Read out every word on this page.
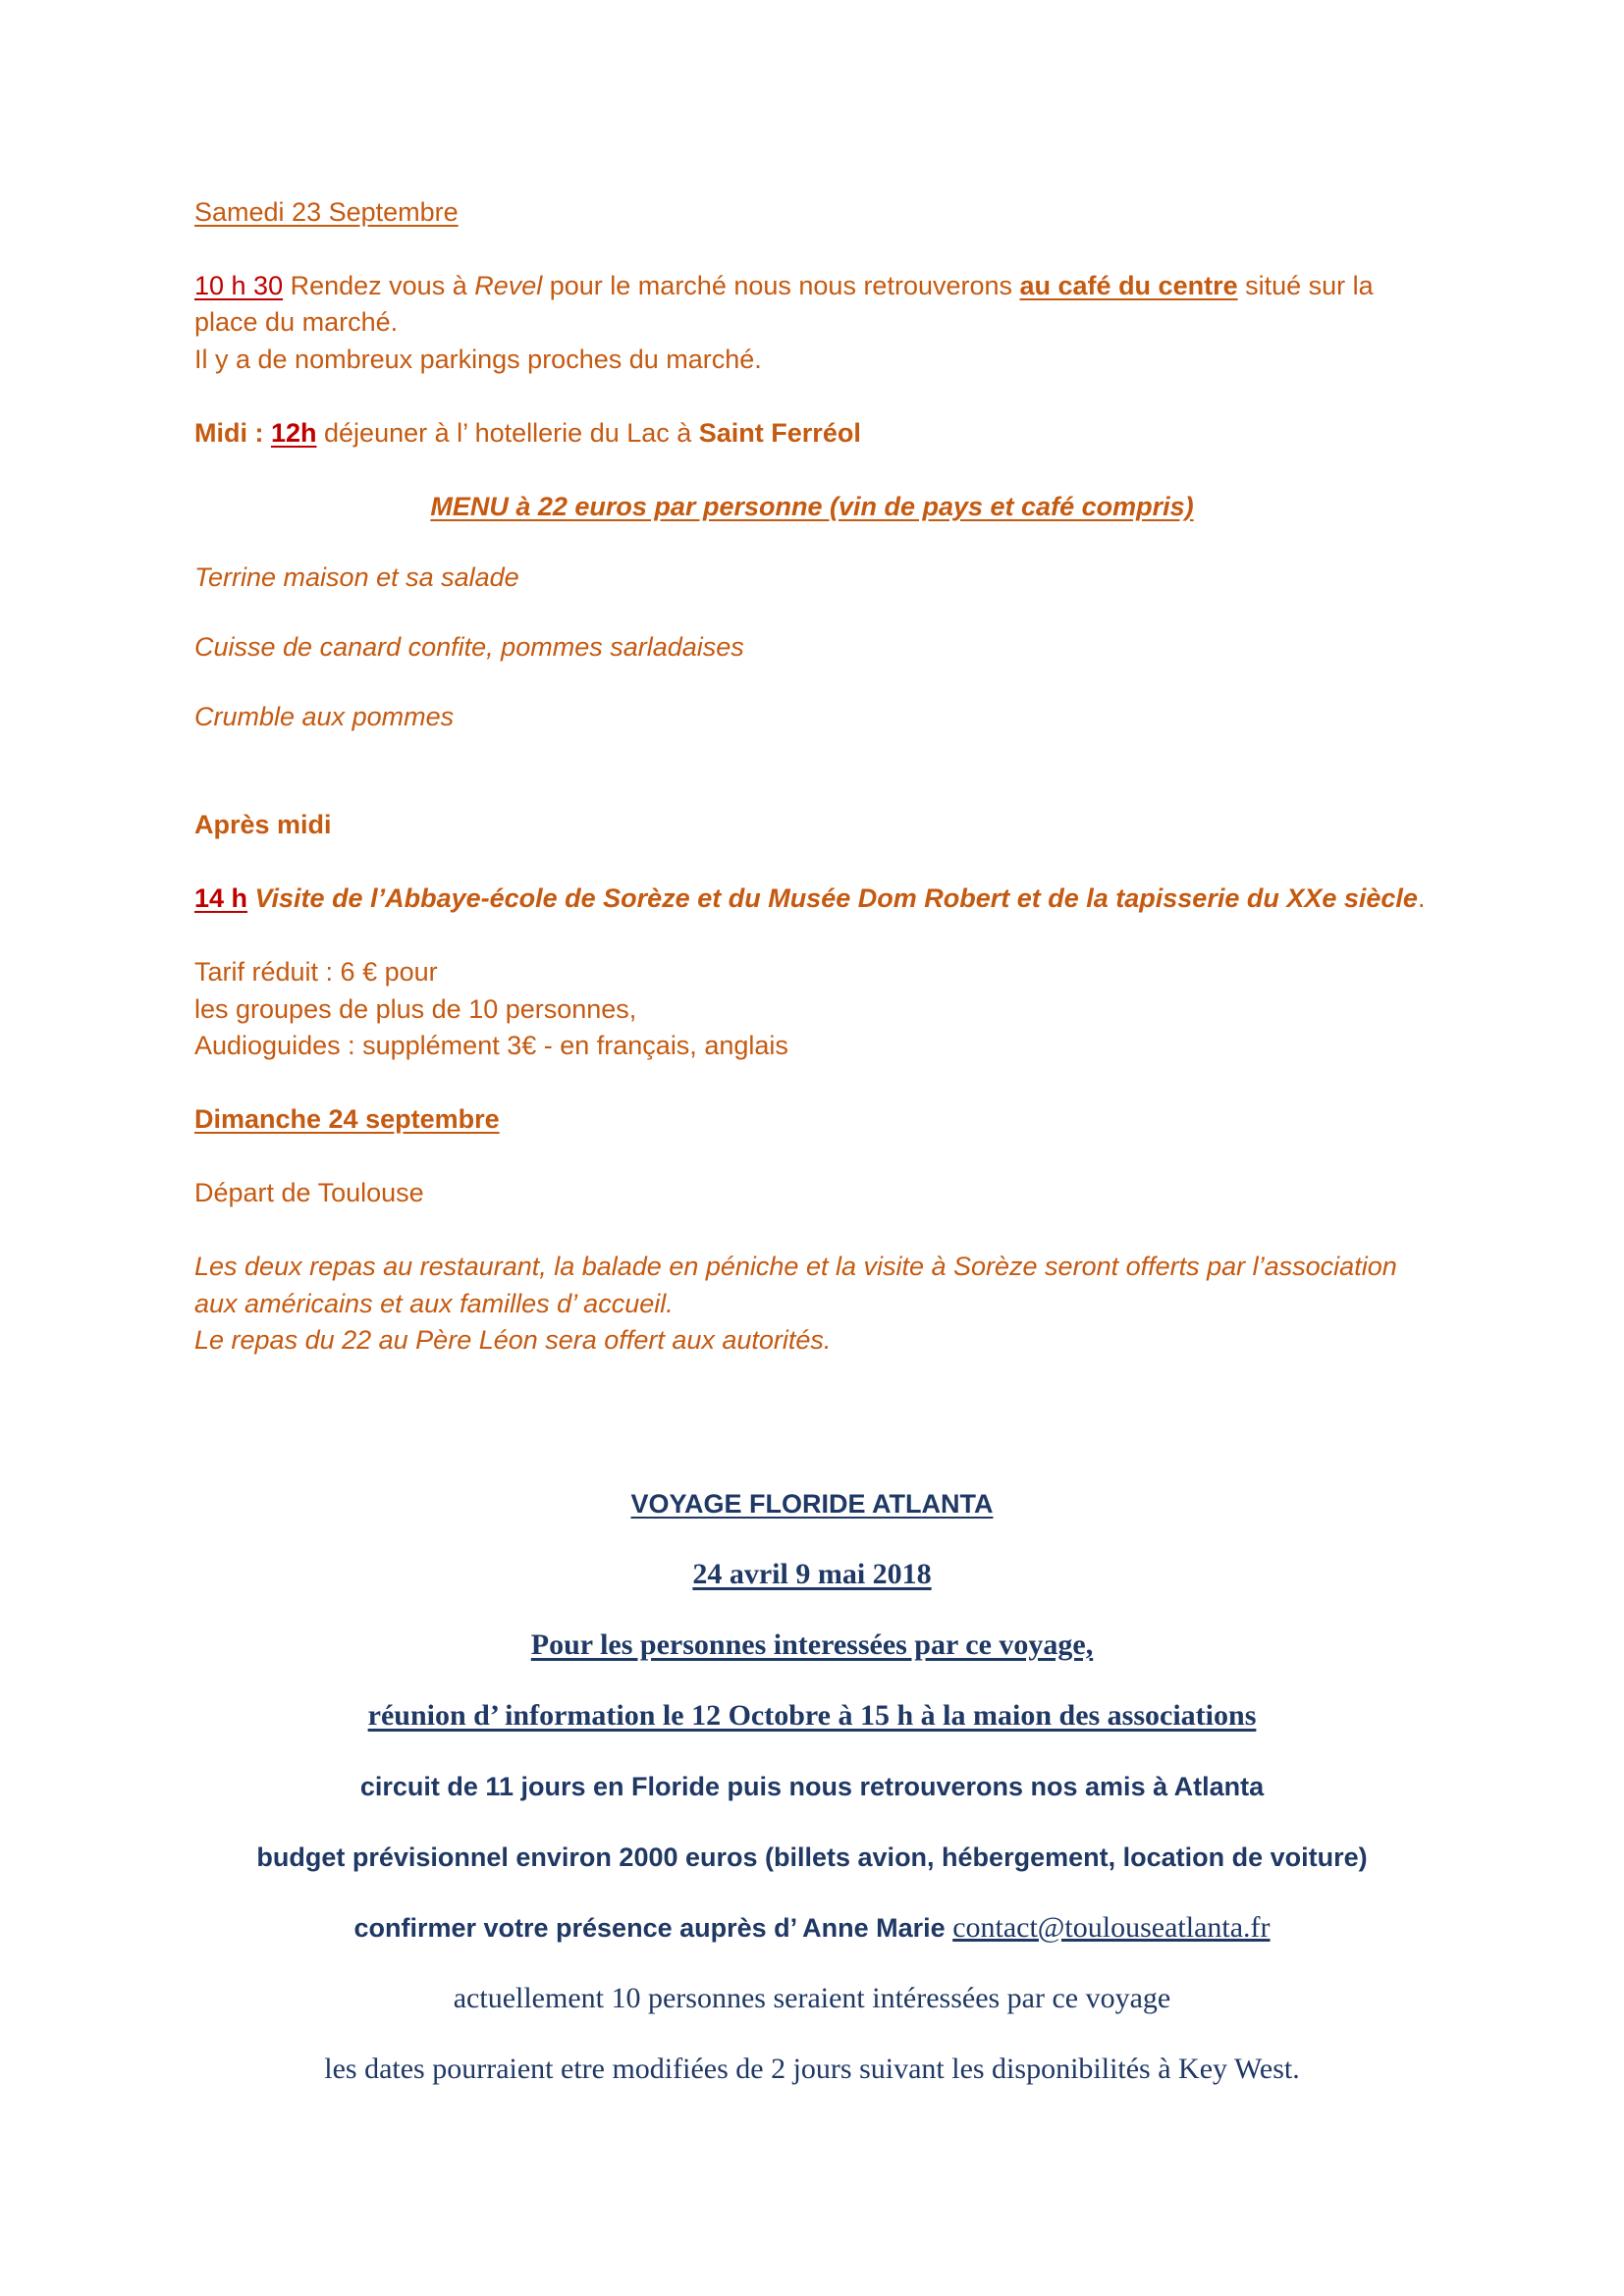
Samedi 23 Septembre
10 h 30 Rendez vous à Revel pour le marché nous nous retrouverons au café du centre situé sur la
place du marché.
Il y a de nombreux parkings proches du marché.
Midi : 12h déjeuner à l’ hotellerie du Lac à Saint Ferréol
MENU à 22 euros par personne (vin de pays et café compris)
Terrine maison et sa salade
Cuisse de canard confite, pommes sarladaises
Crumble aux pommes
Après midi
14 h Visite de l’Abbaye-école de Sorèze et du Musée Dom Robert et de la tapisserie du XXe siècle.
Tarif réduit : 6 € pour
les groupes de plus de 10 personnes,
Audioguides : supplément 3€ - en français, anglais
Dimanche 24 septembre
Départ de Toulouse
Les deux repas au restaurant, la balade en péniche et la visite à Sorèze seront offerts par l’association
aux américains et aux familles d’ accueil.
Le repas du 22 au Père Léon sera offert aux autorités.
VOYAGE FLORIDE ATLANTA
24 avril 9 mai 2018
Pour les personnes interessées par ce voyage,
réunion d’ information le 12 Octobre à 15 h à la maion des associations
circuit de 11 jours en Floride puis nous retrouverons nos amis à Atlanta
budget prévisionnel environ 2000 euros (billets avion, hébergement, location de voiture)
confirmer votre présence auprès d’ Anne Marie contact@toulouseatlanta.fr
actuellement 10 personnes seraient intéressées par ce voyage
les dates pourraient etre modifiées de 2 jours suivant les disponibilités à Key West.
